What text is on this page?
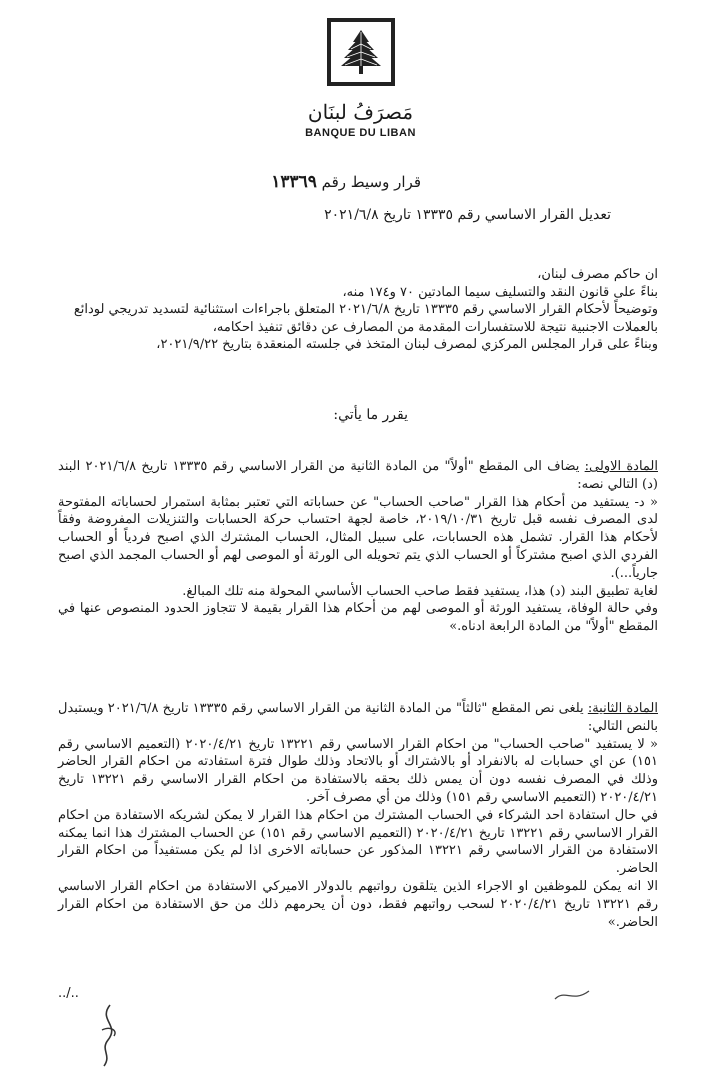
مَصرَفُ لبنَان
BANQUE DU LIBAN
قرار وسيط رقم ١٣٣٦٩
تعديل القرار الاساسي رقم ١٣٣٣٥ تاريخ ٢٠٢١/٦/٨

ان حاكم مصرف لبنان،

بناءً على قانون النقد والتسليف سيما المادتين ٧٠ و١٧٤ منه،

وتوضيحاً لأحكام القرار الاساسي رقم ١٣٣٣٥ تاريخ ٢٠٢١/٦/٨ المتعلق باجراءات استثنائية لتسديد تدريجي لودائع بالعملات الاجنبية نتيجة للاستفسارات المقدمة من المصارف عن دقائق تنفيذ احكامه،

وبناءً على قرار المجلس المركزي لمصرف لبنان المتخذ في جلسته المنعقدة بتاريخ ٢٠٢١/٩/٢٢،

يقرر ما يأتي:

المادة الاولى: يضاف الى المقطع "أولاً" من المادة الثانية من القرار الاساسي رقم ١٣٣٣٥ تاريخ ٢٠٢١/٦/٨ البند (د) التالي نصه:

« د- يستفيد من أحكام هذا القرار "صاحب الحساب" عن حساباته التي تعتبر بمثابة استمرار لحساباته المفتوحة لدى المصرف نفسه قبل تاريخ ٢٠١٩/١٠/٣١، خاصة لجهة احتساب حركة الحسابات والتنزيلات المفروضة وفقاً لأحكام هذا القرار. تشمل هذه الحسابات، على سبيل المثال، الحساب المشترك الذي اصبح فردياً أو الحساب الفردي الذي اصبح مشتركاً أو الحساب الذي يتم تحويله الى الورثة أو الموصى لهم أو الحساب المجمد الذي اصبح جارياً...).

لغاية تطبيق البند (د) هذا، يستفيد فقط صاحب الحساب الأساسي المحولة منه تلك المبالغ.

وفي حالة الوفاة، يستفيد الورثة أو الموصى لهم من أحكام هذا القرار بقيمة لا تتجاوز الحدود المنصوص عنها في المقطع "أولاً" من المادة الرابعة ادناه.»

المادة الثانية: يلغى نص المقطع "ثالثاً" من المادة الثانية من القرار الاساسي رقم ١٣٣٣٥ تاريخ ٢٠٢١/٦/٨ ويستبدل بالنص التالي:

« لا يستفيد "صاحب الحساب" من احكام القرار الاساسي رقم ١٣٢٢١ تاريخ ٢٠٢٠/٤/٢١ (التعميم الاساسي رقم ١٥١) عن اي حسابات له بالانفراد أو بالاشتراك أو بالاتحاد وذلك طوال فترة استفادته من احكام القرار الحاضر وذلك في المصرف نفسه دون أن يمس ذلك بحقه بالاستفادة من احكام القرار الاساسي رقم ١٣٢٢١ تاريخ ٢٠٢٠/٤/٢١ (التعميم الاساسي رقم ١٥١) وذلك من أي مصرف آخر.

في حال استفادة احد الشركاء في الحساب المشترك من احكام هذا القرار لا يمكن لشريكه الاستفادة من احكام القرار الاساسي رقم ١٣٢٢١ تاريخ ٢٠٢٠/٤/٢١ (التعميم الاساسي رقم ١٥١) عن الحساب المشترك هذا انما يمكنه الاستفادة من القرار الاساسي رقم ١٣٢٢١ المذكور عن حساباته الاخرى اذا لم يكن مستفيداً من احكام القرار الحاضر.

الا انه يمكن للموظفين او الاجراء الذين يتلقون رواتبهم بالدولار الاميركي الاستفادة من احكام القرار الاساسي رقم ١٣٢٢١ تاريخ ٢٠٢٠/٤/٢١ لسحب رواتبهم فقط، دون أن يحرمهم ذلك من حق الاستفادة من احكام القرار الحاضر.»

../..
